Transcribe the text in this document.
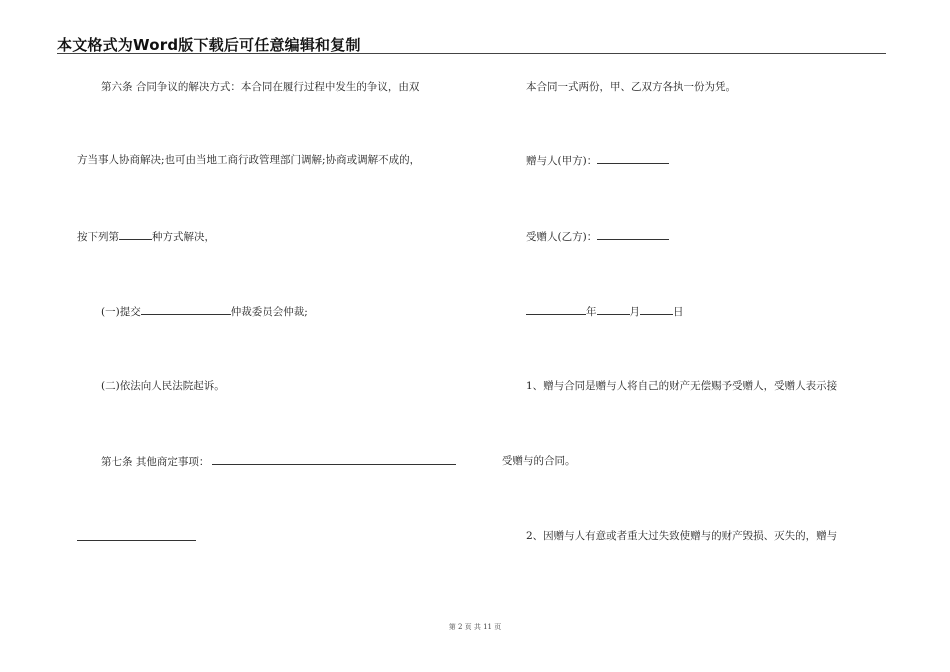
本文格式为Word版下载后可任意编辑和复制
第六条 合同争议的解决方式：本合同在履行过程中发生的争议，由双
方当事人协商解决;也可由当地工商行政管理部门调解;协商或调解不成的，
按下列第	种方式解决，
(一)提交	仲裁委员会仲裁;
(二)依法向人民法院起诉。
第七条 其他商定事项：
本合同一式两份，甲、乙双方各执一份为凭。
赠与人(甲方)：
受赠人(乙方)：
年	月	日
1、赠与合同是赠与人将自己的财产无偿赐予受赠人，受赠人表示接
受赠与的合同。
2、因赠与人有意或者重大过失致使赠与的财产毁损、灭失的，赠与
第 2 页 共 11 页
